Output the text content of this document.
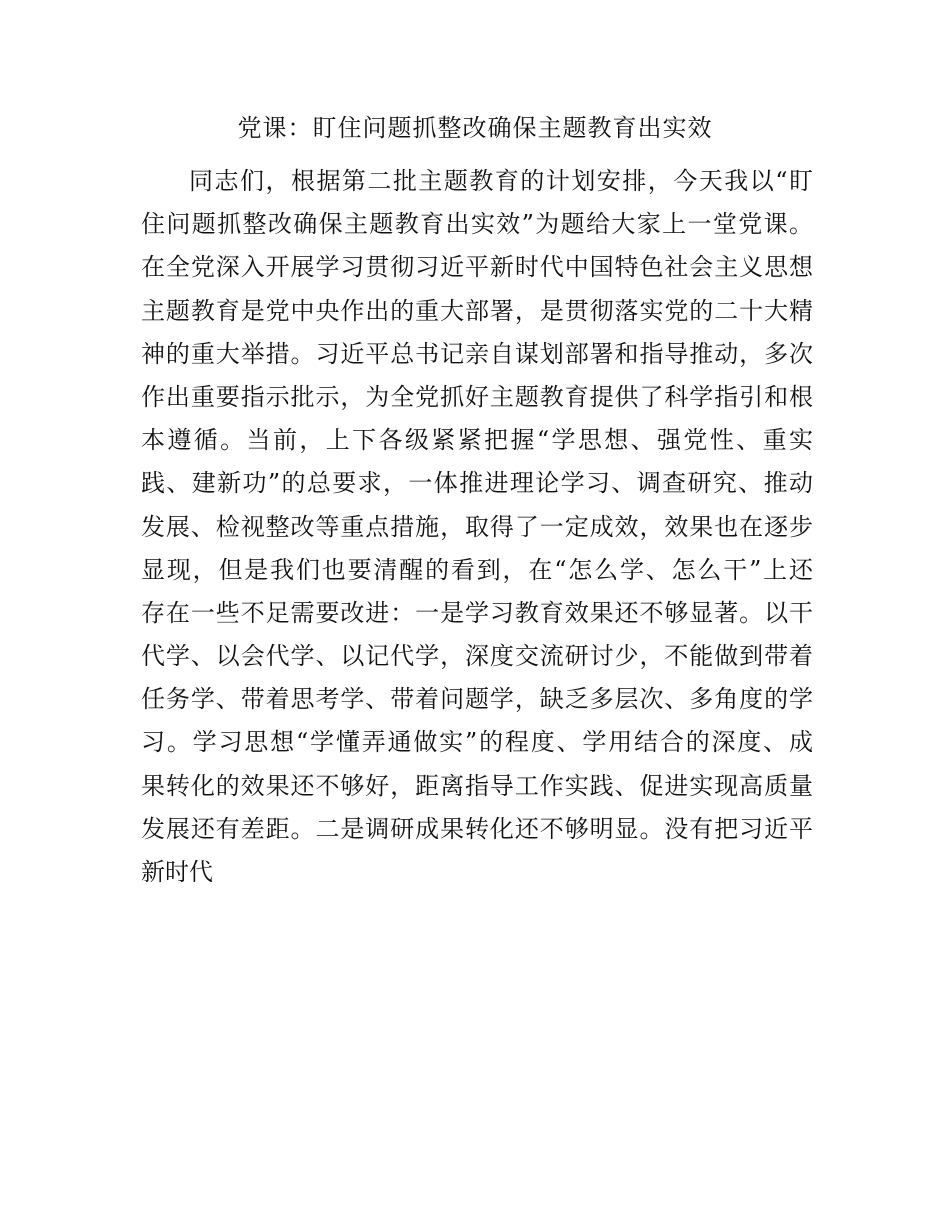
党课：盯住问题抓整改确保主题教育出实效
同志们，根据第二批主题教育的计划安排，今天我以“盯
住问题抓整改确保主题教育出实效”为题给大家上一堂党课。
在全党深入开展学习贯彻习近平新时代中国特色社会主义思想
主题教育是党中央作出的重大部署，是贯彻落实党的二十大精
神的重大举措。习近平总书记亲自谋划部署和指导推动，多次
作出重要指示批示，为全党抓好主题教育提供了科学指引和根
本遵循。当前，上下各级紧紧把握“学思想、强党性、重实
践、建新功”的总要求，一体推进理论学习、调查研究、推动
发展、检视整改等重点措施，取得了一定成效，效果也在逐步
显现，但是我们也要清醒的看到，在“怎么学、怎么干”上还
存在一些不足需要改进：一是学习教育效果还不够显著。以干
代学、以会代学、以记代学，深度交流研讨少，不能做到带着
任务学、带着思考学、带着问题学，缺乏多层次、多角度的学
习。学习思想“学懂弄通做实”的程度、学用结合的深度、成
果转化的效果还不够好，距离指导工作实践、促进实现高质量
发展还有差距。二是调研成果转化还不够明显。没有把习近平
新时代
